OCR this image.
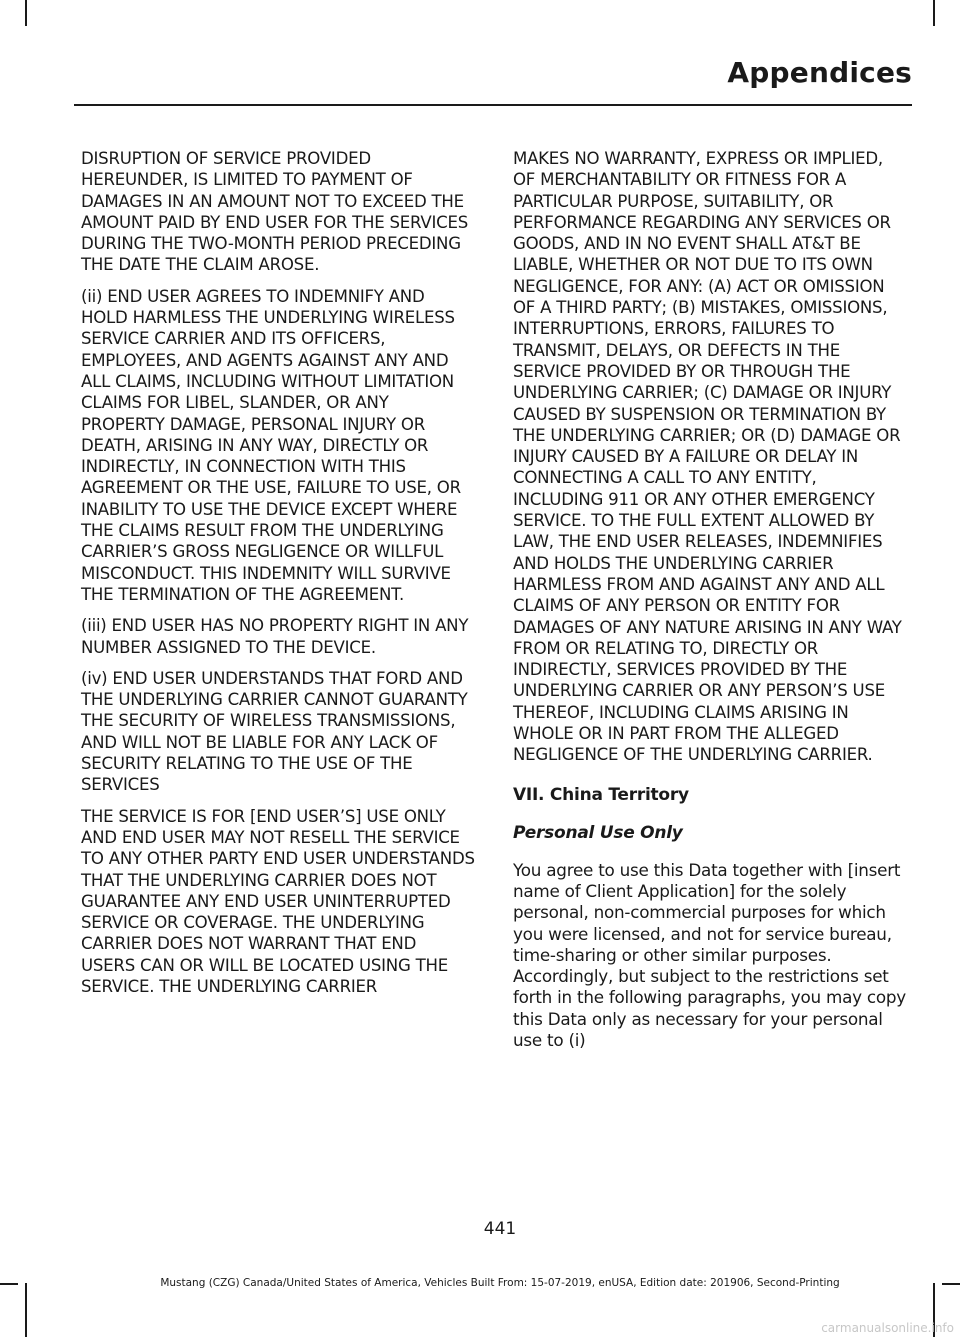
Appendices

DISRUPTION OF SERVICE PROVIDED HEREUNDER, IS LIMITED TO PAYMENT OF DAMAGES IN AN AMOUNT NOT TO EXCEED THE AMOUNT PAID BY END USER FOR THE SERVICES DURING THE TWO-MONTH PERIOD PRECEDING THE DATE THE CLAIM AROSE.

(ii) END USER AGREES TO INDEMNIFY AND HOLD HARMLESS THE UNDERLYING WIRELESS SERVICE CARRIER AND ITS OFFICERS, EMPLOYEES, AND AGENTS AGAINST ANY AND ALL CLAIMS, INCLUDING WITHOUT LIMITATION CLAIMS FOR LIBEL, SLANDER, OR ANY PROPERTY DAMAGE, PERSONAL INJURY OR DEATH, ARISING IN ANY WAY, DIRECTLY OR INDIRECTLY, IN CONNECTION WITH THIS AGREEMENT OR THE USE, FAILURE TO USE, OR INABILITY TO USE THE DEVICE EXCEPT WHERE THE CLAIMS RESULT FROM THE UNDERLYING CARRIER’S GROSS NEGLIGENCE OR WILLFUL MISCONDUCT. THIS INDEMNITY WILL SURVIVE THE TERMINATION OF THE AGREEMENT.

(iii) END USER HAS NO PROPERTY RIGHT IN ANY NUMBER ASSIGNED TO THE DEVICE.

(iv) END USER UNDERSTANDS THAT FORD AND THE UNDERLYING CARRIER CANNOT GUARANTY THE SECURITY OF WIRELESS TRANSMISSIONS, AND WILL NOT BE LIABLE FOR ANY LACK OF SECURITY RELATING TO THE USE OF THE SERVICES

THE SERVICE IS FOR [END USER’S] USE ONLY AND END USER MAY NOT RESELL THE SERVICE TO ANY OTHER PARTY END USER UNDERSTANDS THAT THE UNDERLYING CARRIER DOES NOT GUARANTEE ANY END USER UNINTERRUPTED SERVICE OR COVERAGE. THE UNDERLYING CARRIER DOES NOT WARRANT THAT END USERS CAN OR WILL BE LOCATED USING THE SERVICE. THE UNDERLYING CARRIER

MAKES NO WARRANTY, EXPRESS OR IMPLIED, OF MERCHANTABILITY OR FITNESS FOR A PARTICULAR PURPOSE, SUITABILITY, OR PERFORMANCE REGARDING ANY SERVICES OR GOODS, AND IN NO EVENT SHALL AT&T BE LIABLE, WHETHER OR NOT DUE TO ITS OWN NEGLIGENCE, FOR ANY: (A) ACT OR OMISSION OF A THIRD PARTY; (B) MISTAKES, OMISSIONS, INTERRUPTIONS, ERRORS, FAILURES TO TRANSMIT, DELAYS, OR DEFECTS IN THE SERVICE PROVIDED BY OR THROUGH THE UNDERLYING CARRIER; (C) DAMAGE OR INJURY CAUSED BY SUSPENSION OR TERMINATION BY THE UNDERLYING CARRIER; OR (D) DAMAGE OR INJURY CAUSED BY A FAILURE OR DELAY IN CONNECTING A CALL TO ANY ENTITY, INCLUDING 911 OR ANY OTHER EMERGENCY SERVICE. TO THE FULL EXTENT ALLOWED BY LAW, THE END USER RELEASES, INDEMNIFIES AND HOLDS THE UNDERLYING CARRIER HARMLESS FROM AND AGAINST ANY AND ALL CLAIMS OF ANY PERSON OR ENTITY FOR DAMAGES OF ANY NATURE ARISING IN ANY WAY FROM OR RELATING TO, DIRECTLY OR INDIRECTLY, SERVICES PROVIDED BY THE UNDERLYING CARRIER OR ANY PERSON’S USE THEREOF, INCLUDING CLAIMS ARISING IN WHOLE OR IN PART FROM THE ALLEGED NEGLIGENCE OF THE UNDERLYING CARRIER.

VII. China Territory
Personal Use Only

You agree to use this Data together with [insert name of Client Application] for the solely personal, non-commercial purposes for which you were licensed, and not for service bureau, time-sharing or other similar purposes. Accordingly, but subject to the restrictions set forth in the following paragraphs, you may copy this Data only as necessary for your personal use to (i)

441
Mustang (CZG) Canada/United States of America, Vehicles Built From: 15-07-2019, enUSA, Edition date: 201906, Second-Printing
carmanualsonline.info
